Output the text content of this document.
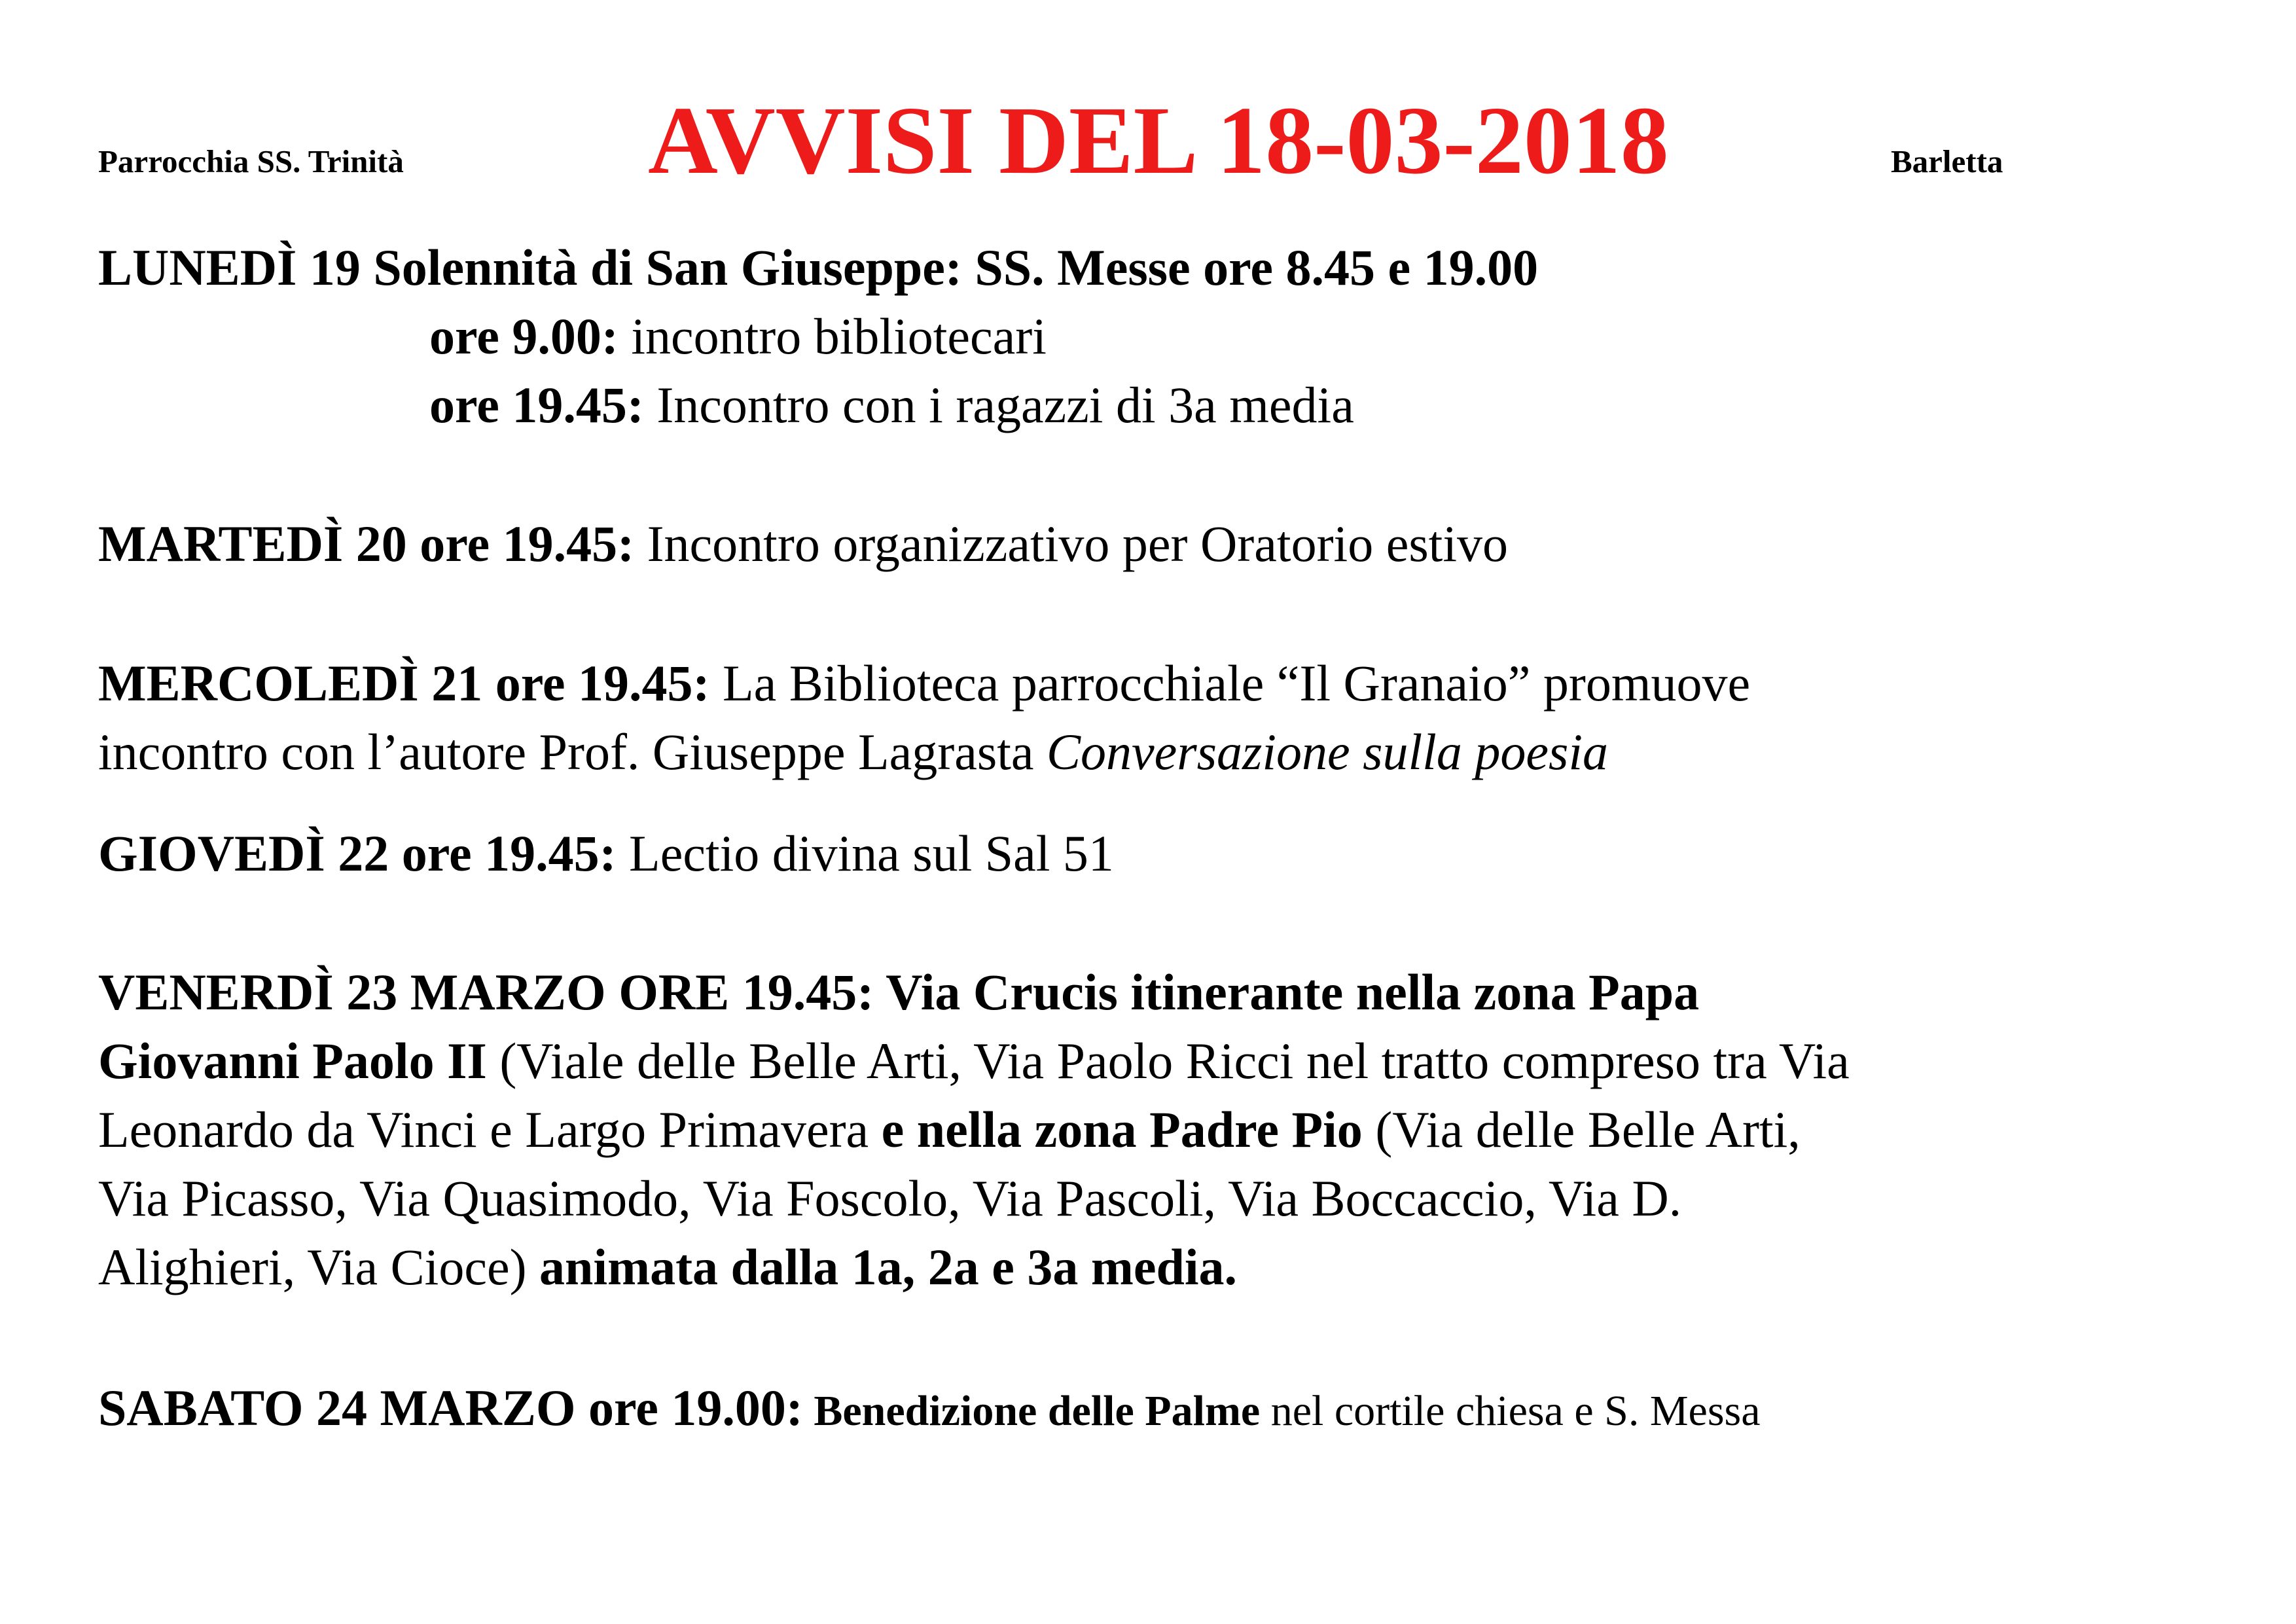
Parrocchia SS. Trinità	AVVISI DEL 18-03-2018	Barletta
LUNEDÌ 19 Solennità di San Giuseppe: SS. Messe ore 8.45 e 19.00
ore 9.00: incontro bibliotecari
ore 19.45: Incontro con i ragazzi di 3a media
MARTEDÌ 20 ore 19.45: Incontro organizzativo per Oratorio estivo
MERCOLEDÌ 21 ore 19.45: La Biblioteca parrocchiale “Il Granaio” promuove
incontro con l’autore Prof. Giuseppe Lagrasta Conversazione sulla poesia
GIOVEDÌ 22 ore 19.45: Lectio divina sul Sal 51
VENERDÌ 23 MARZO ORE 19.45: Via Crucis itinerante nella zona Papa
Giovanni Paolo II (Viale delle Belle Arti, Via Paolo Ricci nel tratto compreso tra Via
Leonardo da Vinci e Largo Primavera e nella zona Padre Pio (Via delle Belle Arti,
Via Picasso, Via Quasimodo, Via Foscolo, Via Pascoli, Via Boccaccio, Via D.
Alighieri, Via Cioce) animata dalla 1a, 2a e 3a media.
SABATO 24 MARZO ore 19.00: Benedizione delle Palme nel cortile chiesa e S. Messa
